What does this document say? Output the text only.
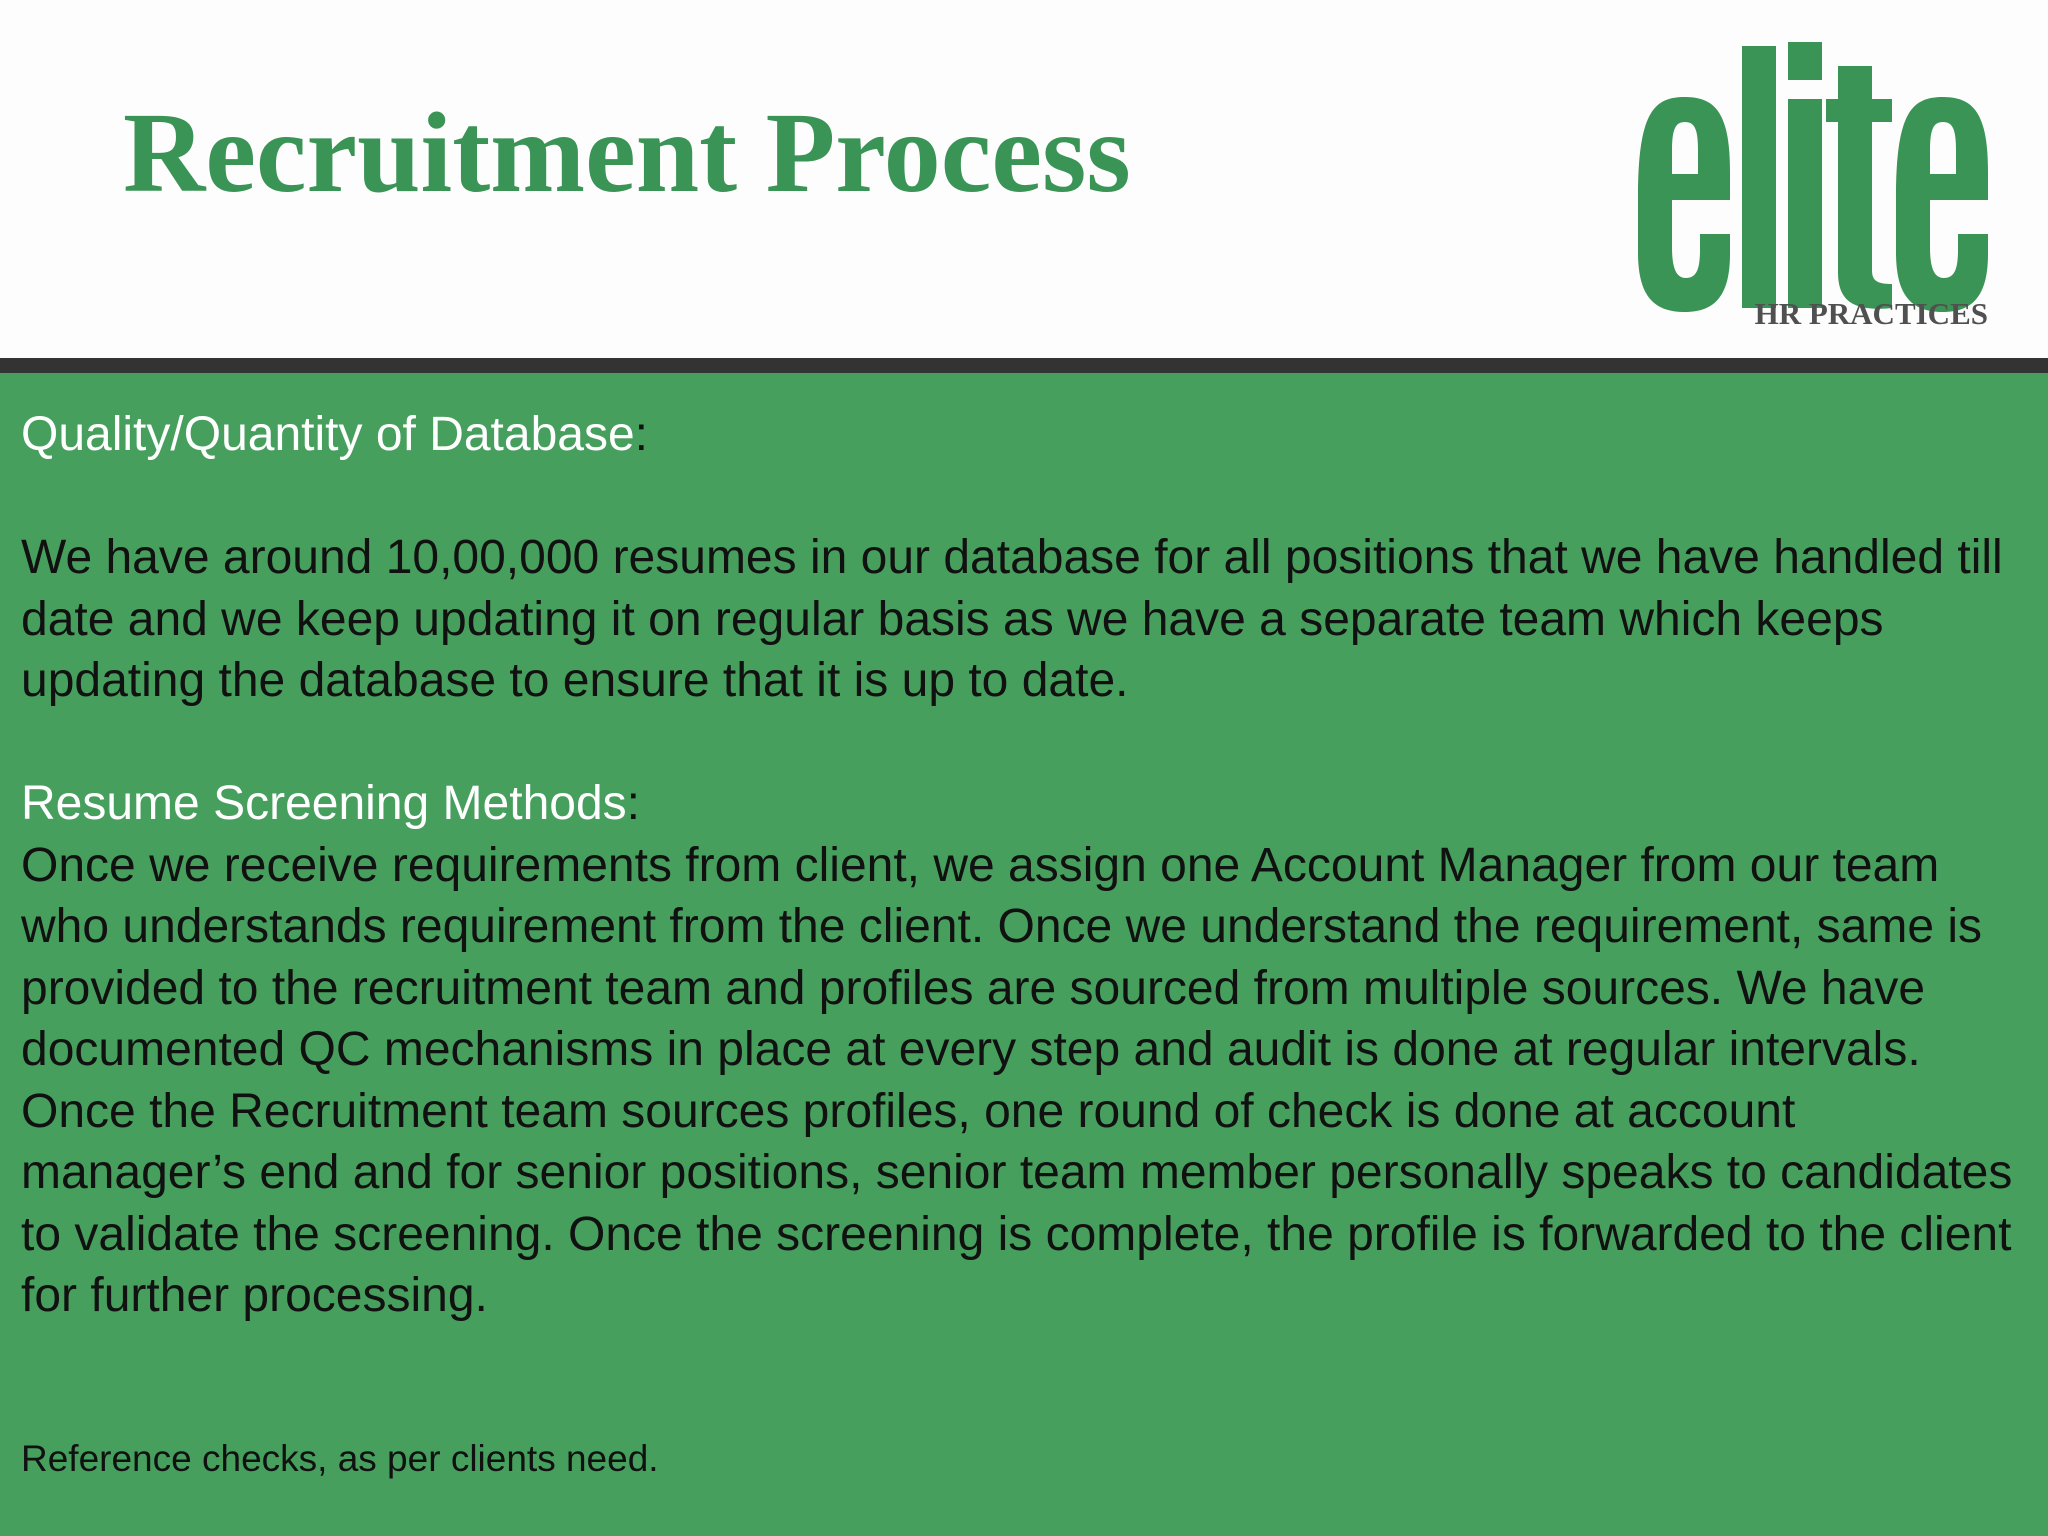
Recruitment Process
HR PRACTICES

Quality/Quantity of Database:

We have around 10,00,000 resumes in our database for all positions that we have handled till date and we keep updating it on regular basis as we have a separate team which keeps updating the database to ensure that it is up to date.

Resume Screening Methods:

Once we receive requirements from client, we assign one Account Manager from our team who understands requirement from the client. Once we understand the requirement, same is provided to the recruitment team and profiles are sourced from multiple sources. We have documented QC mechanisms in place at every step and audit is done at regular intervals.

Once the Recruitment team sources profiles, one round of check is done at account manager’s end and for senior positions, senior team member personally speaks to candidates to validate the screening. Once the screening is complete, the profile is forwarded to the client for further processing.

Reference checks, as per clients need.
